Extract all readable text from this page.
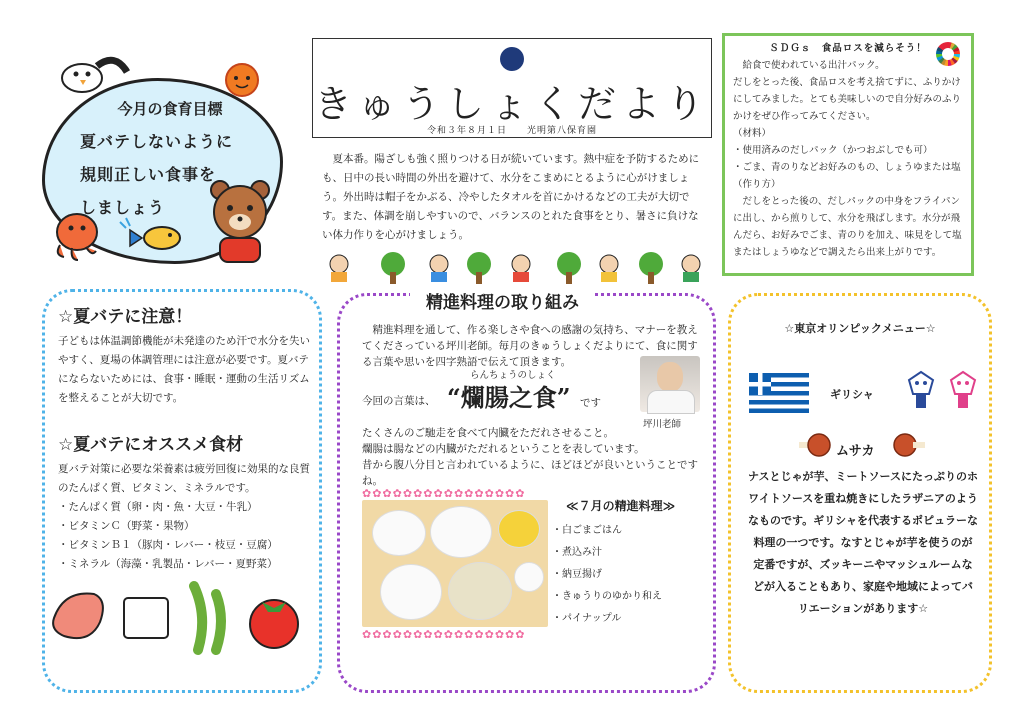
今月の食育目標
夏バテしないように
規則正しい食事を
しましょう
きゅうしょくだより
令和３年８月１日　　光明第八保育園
夏本番。陽ざしも強く照りつける日が続いています。熱中症を予防するためにも、日中の長い時間の外出を避けて、水分をこまめにとるように心がけましょう。外出時は帽子をかぶる、冷やしたタオルを首にかけるなどの工夫が大切です。また、体調を崩しやすいので、バランスのとれた食事をとり、暑さに負けない体力作りを心がけましょう。
ＳＤＧｓ　食品ロスを減らそう！
　給食で使われている出汁パック。
だしをとった後、食品ロスを考え捨てずに、ふりかけにしてみました。とても美味しいので自分好みのふりかけをぜひ作ってみてください。
（材料）
・使用済みのだしパック（かつおぶしでも可）
・ごま、青のりなどお好みのもの、しょうゆまたは塩
（作り方）
　だしをとった後の、だしパックの中身をフライパンに出し、から煎りして、水分を飛ばします。水分が飛んだら、お好みでごま、青のりを加え、味見をして塩またはしょうゆなどで調えたら出来上がりです。
☆夏バテに注意！
子どもは体温調節機能が未発達のため汗で水分を失いやすく、夏場の体調管理には注意が必要です。夏バテにならないためには、食事・睡眠・運動の生活リズムを整えることが大切です。
☆夏バテにオススメ食材
夏バテ対策に必要な栄養素は疲労回復に効果的な良質のたんぱく質、ビタミン、ミネラルです。
・たんぱく質（卵・肉・魚・大豆・牛乳）
・ビタミンＣ（野菜・果物）
・ビタミンＢ１（豚肉・レバー・枝豆・豆腐）
・ミネラル（海藻・乳製品・レバー・夏野菜）
精進料理の取り組み
精進料理を通して、作る楽しさや食への感謝の気持ち、マナーを教えてくださっている坪川老師。毎月のきゅうしょくだよりにて、食に関する言葉や思いを四字熟語で伝えて頂きます。
らんちょうのしょく
今回の言葉は、 “爛腸之食” です
坪川老師
たくさんのご馳走を食べて内臓をただれさせること。
爛腸は腸などの内臓がただれるということを表しています。
昔から腹八分目と言われているように、ほどほどが良いということですね。
✿✿✿✿✿✿✿✿✿✿✿✿✿✿✿✿
✿✿✿✿✿✿✿✿✿✿✿✿✿✿✿✿
≪７月の精進料理≫
・白ごまごはん
・煮込み汁
・納豆揚げ
・きゅうりのゆかり和え
・パイナップル
☆東京オリンピックメニュー☆
ギリシャ
ムサカ
ナスとじゃが芋、ミートソースにたっぷりのホワイトソースを重ね焼きにしたラザニアのようなものです。ギリシャを代表するポピュラーな料理の一つです。なすとじゃが芋を使うのが定番ですが、ズッキーニやマッシュルームなどが入ることもあり、家庭や地域によってバリエーションがあります☆
